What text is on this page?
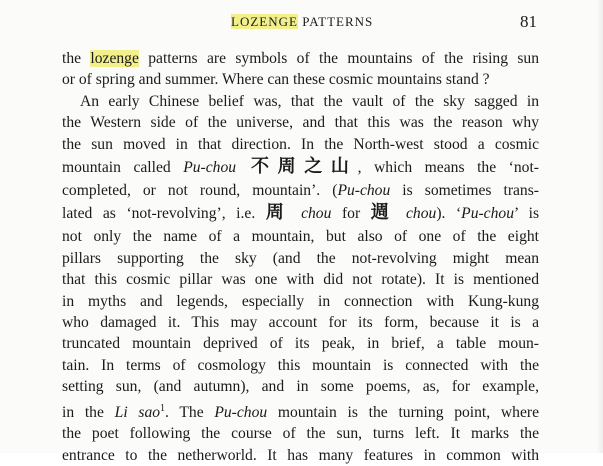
LOZENGE PATTERNS	81
the lozenge patterns are symbols of the mountains of the rising sun
or of spring and summer. Where can these cosmic mountains stand ?
An early Chinese belief was, that the vault of the sky sagged in
the Western side of the universe, and that this was the reason why
the sun moved in that direction. In the North-west stood a cosmic
mountain called Pu-chou 不周之山, which means the ‘not-
completed, or not round, mountain’. (Pu-chou is sometimes trans-
lated as ‘not-revolving’, i.e. 周 chou for 週 chou). ‘Pu-chou’ is
not only the name of a mountain, but also of one of the eight
pillars supporting the sky (and the not-revolving might mean
that this cosmic pillar was one with did not rotate). It is mentioned
in myths and legends, especially in connection with Kung-kung
who damaged it. This may account for its form, because it is a
truncated mountain deprived of its peak, in brief, a table moun-
tain. In terms of cosmology this mountain is connected with the
setting sun, (and autumn), and in some poems, as, for example,
in the Li sao$^1$. The Pu-chou mountain is the turning point, where
the poet following the course of the sun, turns left. It marks the
entrance to the netherworld. It has many features in common with
